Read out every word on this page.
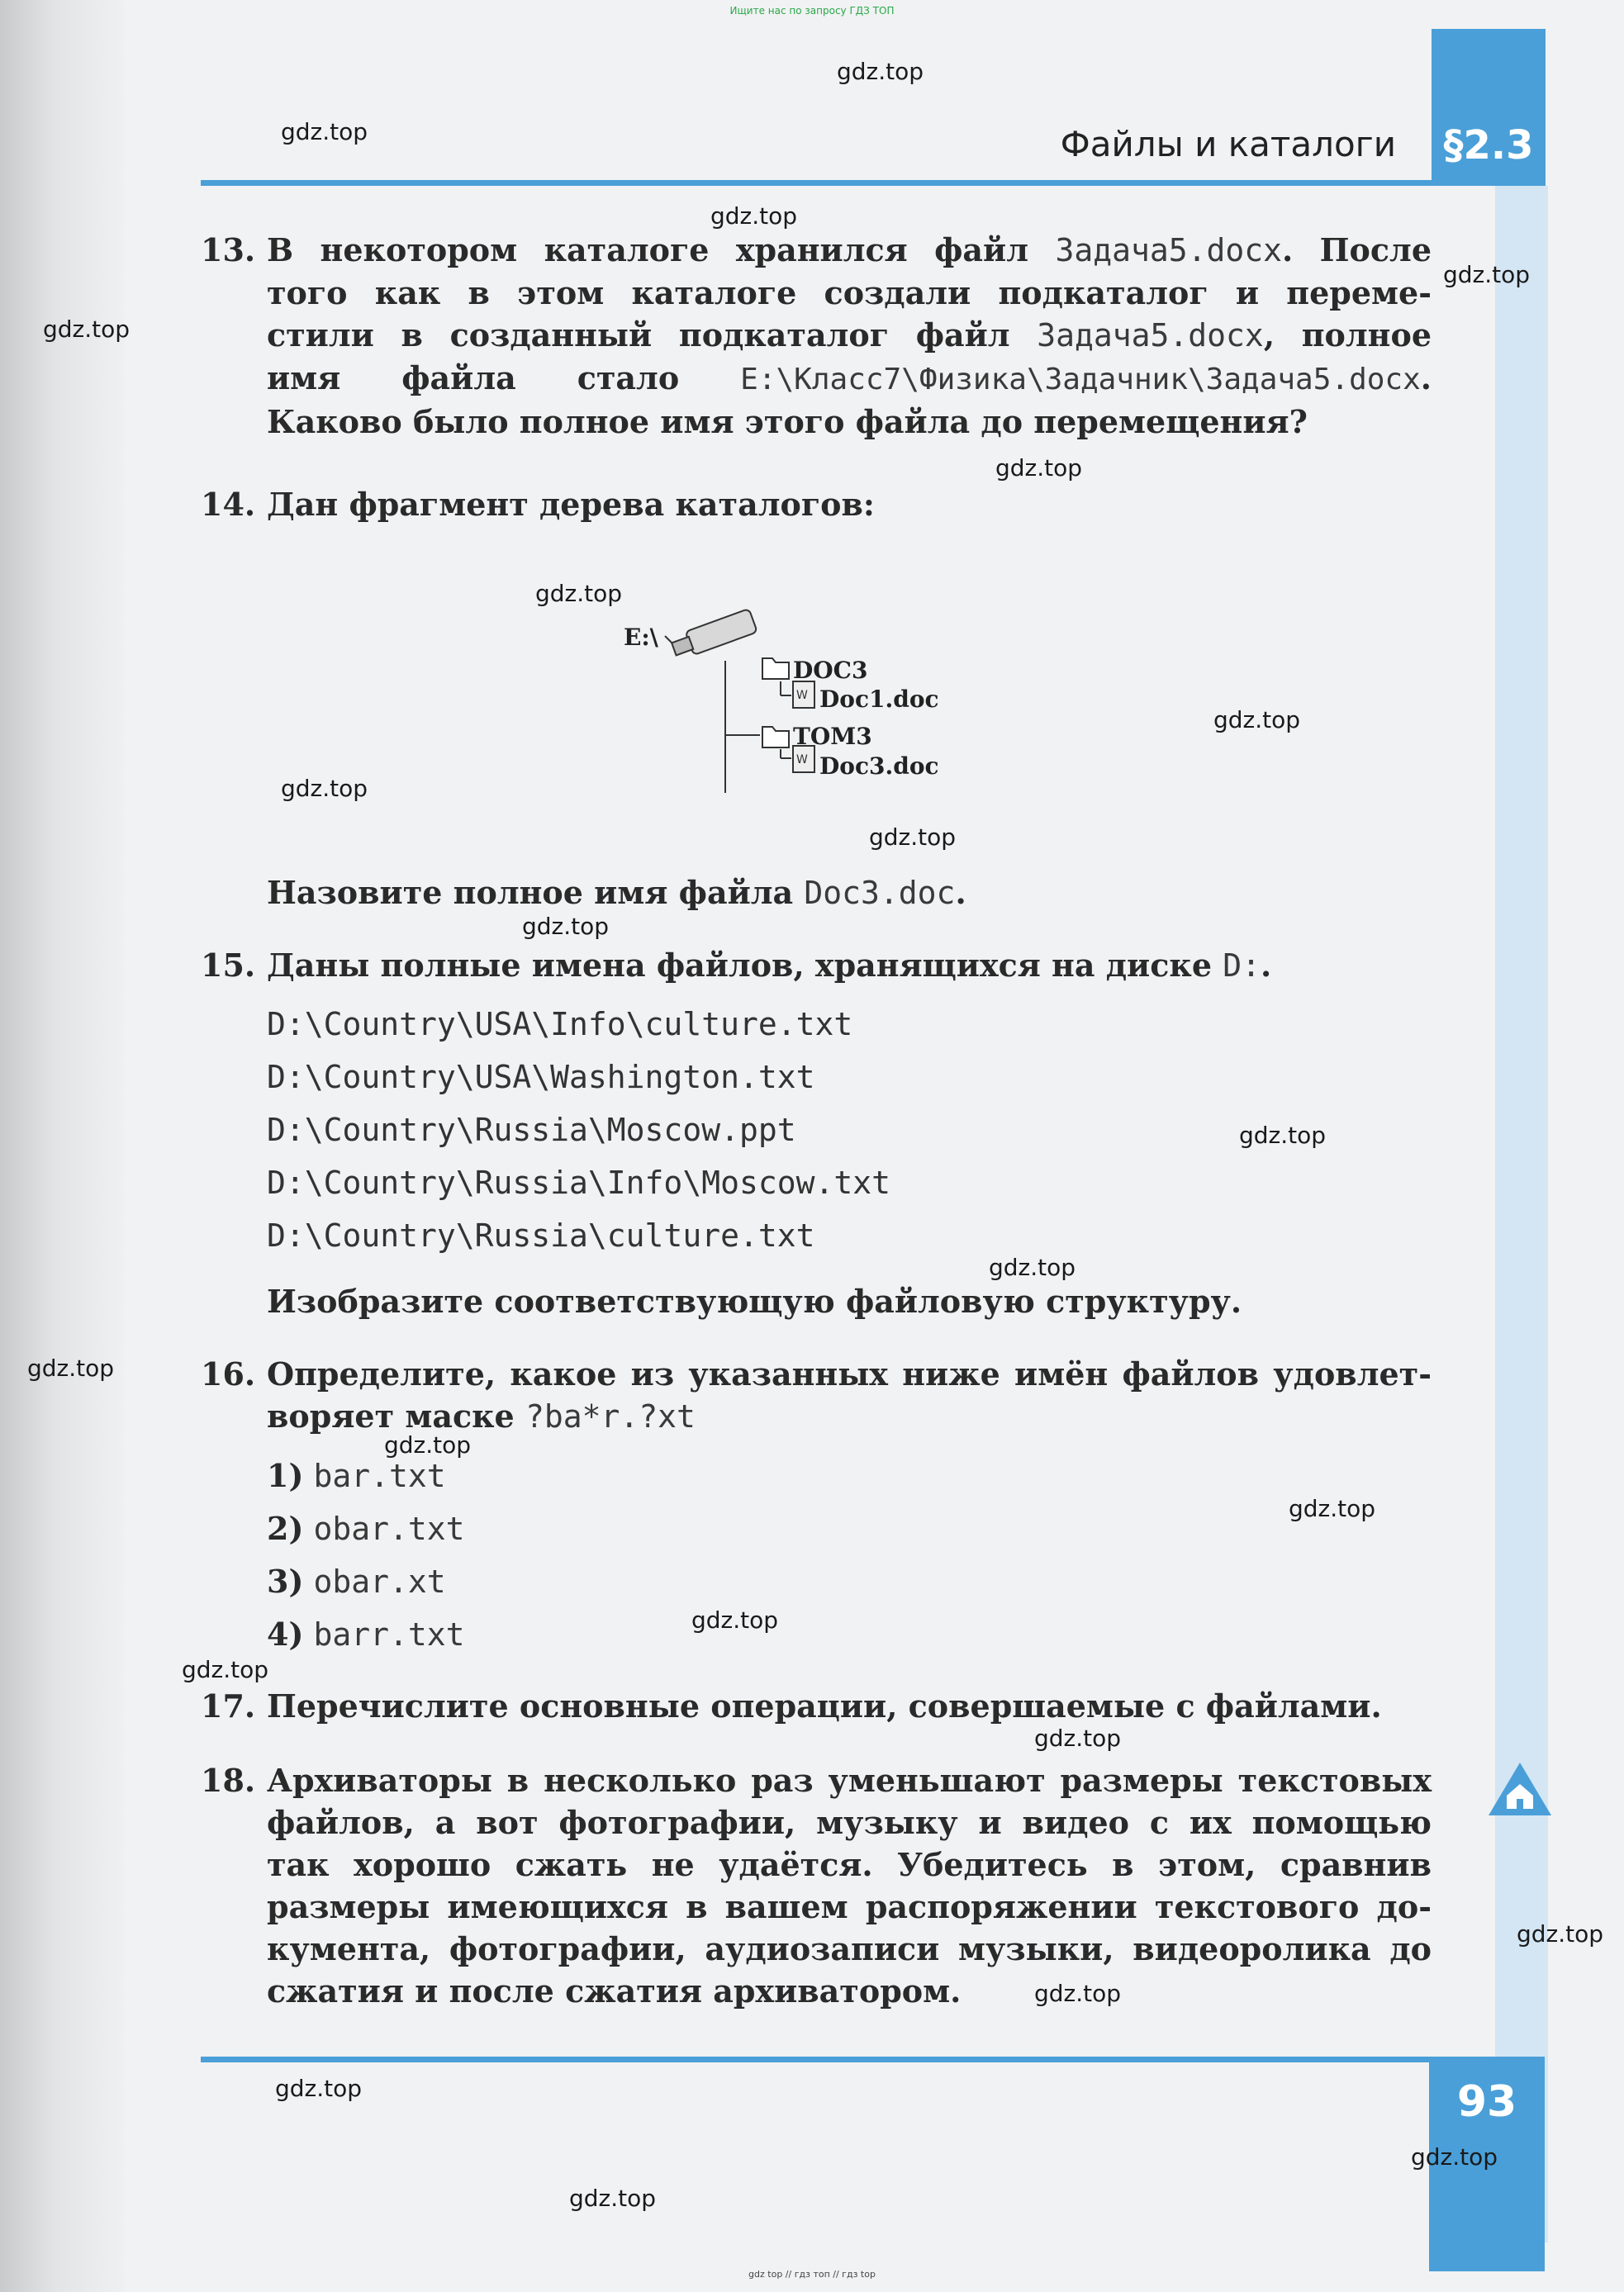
Ищите нас по запросу ГДЗ ТОП
§2.3
Файлы и каталоги
13. В некотором каталоге хранился файл Задача5.docx. После
того как в этом каталоге создали подкаталог и переме-
стили в созданный подкаталог файл Задача5.docx, полное
имя файла стало E:\Класс7\Физика\Задачник\Задача5.docx.
Каково было полное имя этого файла до перемещения?
14. Дан фрагмент дерева каталогов:
W
W
E:\
DOC3
Doc1.doc
TOM3
Doc3.doc
Назовите полное имя файла Doc3.doc.
15. Даны полные имена файлов, хранящихся на диске D:.
D:\Country\USA\Info\culture.txt
D:\Country\USA\Washington.txt
D:\Country\Russia\Moscow.ppt
D:\Country\Russia\Info\Moscow.txt
D:\Country\Russia\culture.txt
Изобразите соответствующую файловую структуру.
16. Определите, какое из указанных ниже имён файлов удовлет-
воряет маске ?ba*r.?xt
1) bar.txt
2) obar.txt
3) obar.xt
4) barr.txt
17. Перечислите основные операции, совершаемые с файлами.
18. Архиваторы в несколько раз уменьшают размеры текстовых
файлов, а вот фотографии, музыку и видео с их помощью
так хорошо сжать не удаётся. Убедитесь в этом, сравнив
размеры имеющихся в вашем распоряжении текстового до-
кумента, фотографии, аудиозаписи музыки, видеоролика до
сжатия и после сжатия архиватором.
93
gdz.top
gdz.top
gdz.top
gdz.top
gdz.top
gdz.top
gdz.top
gdz.top
gdz.top
gdz.top
gdz.top
gdz.top
gdz.top
gdz.top
gdz.top
gdz.top
gdz.top
gdz.top
gdz.top
gdz.top
gdz.top
gdz.top
gdz.top
gdz.top
gdz top // гдз топ // гдз top
